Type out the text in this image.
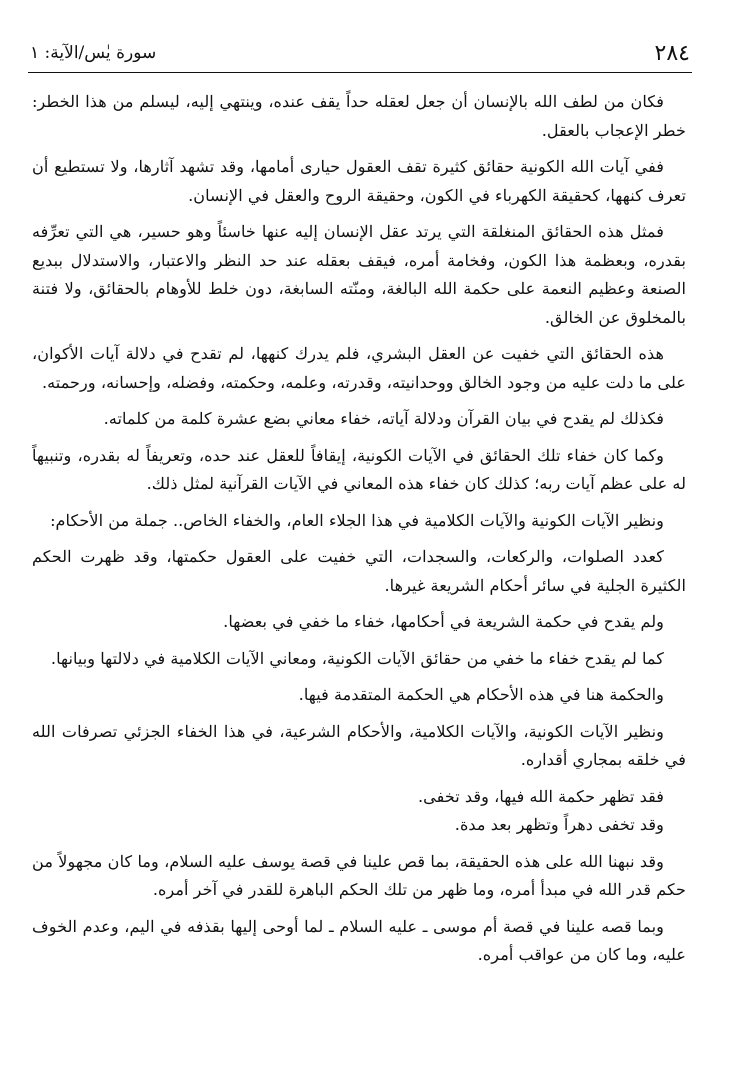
٢٨٤
سورة يٰس/الآية: ١

فكان من لطف الله بالإنسان أن جعل لعقله حداً يقف عنده، وينتهي إليه، ليسلم من هذا الخطر: خطر الإعجاب بالعقل.

ففي آيات الله الكونية حقائق كثيرة تقف العقول حيارى أمامها، وقد تشهد آثارها، ولا تستطيع أن تعرف كنهها، كحقيقة الكهرباء في الكون، وحقيقة الروح والعقل في الإنسان.

فمثل هذه الحقائق المنغلقة التي يرتد عقل الإنسان إليه عنها خاسئاً وهو حسير، هي التي تعرِّفه بقدره، وبعظمة هذا الكون، وفخامة أمره، فيقف بعقله عند حد النظر والاعتبار، والاستدلال ببديع الصنعة وعظيم النعمة على حكمة الله البالغة، ومنّته السابغة، دون خلط للأوهام بالحقائق، ولا فتنة بالمخلوق عن الخالق.

هذه الحقائق التي خفيت عن العقل البشري، فلم يدرك كنهها، لم تقدح في دلالة آيات الأكوان، على ما دلت عليه من وجود الخالق ووحدانيته، وقدرته، وعلمه، وحكمته، وفضله، وإحسانه، ورحمته.

فكذلك لم يقدح في بيان القرآن ودلالة آياته، خفاء معاني بضع عشرة كلمة من كلماته.

وكما كان خفاء تلك الحقائق في الآيات الكونية، إيقافاً للعقل عند حده، وتعريفاً له بقدره، وتنبيهاً له على عظم آيات ربه؛ كذلك كان خفاء هذه المعاني في الآيات القرآنية لمثل ذلك.

ونظير الآيات الكونية والآيات الكلامية في هذا الجلاء العام، والخفاء الخاص.. جملة من الأحكام:

كعدد الصلوات، والركعات، والسجدات، التي خفيت على العقول حكمتها، وقد ظهرت الحكم الكثيرة الجلية في سائر أحكام الشريعة غيرها.

ولم يقدح في حكمة الشريعة في أحكامها، خفاء ما خفي في بعضها.

كما لم يقدح خفاء ما خفي من حقائق الآيات الكونية، ومعاني الآيات الكلامية في دلالتها وبيانها.

والحكمة هنا في هذه الأحكام هي الحكمة المتقدمة فيها.

ونظير الآيات الكونية، والآيات الكلامية، والأحكام الشرعية، في هذا الخفاء الجزئي تصرفات الله في خلقه بمجاري أقداره.

فقد تظهر حكمة الله فيها، وقد تخفى.

وقد تخفى دهراً وتظهر بعد مدة.

وقد نبهنا الله على هذه الحقيقة، بما قص علينا في قصة يوسف عليه السلام، وما كان مجهولاً من حكم قدر الله في مبدأ أمره، وما ظهر من تلك الحكم الباهرة للقدر في آخر أمره.

وبما قصه علينا في قصة أم موسى ـ عليه السلام ـ لما أوحى إليها بقذفه في اليم، وعدم الخوف عليه، وما كان من عواقب أمره.
